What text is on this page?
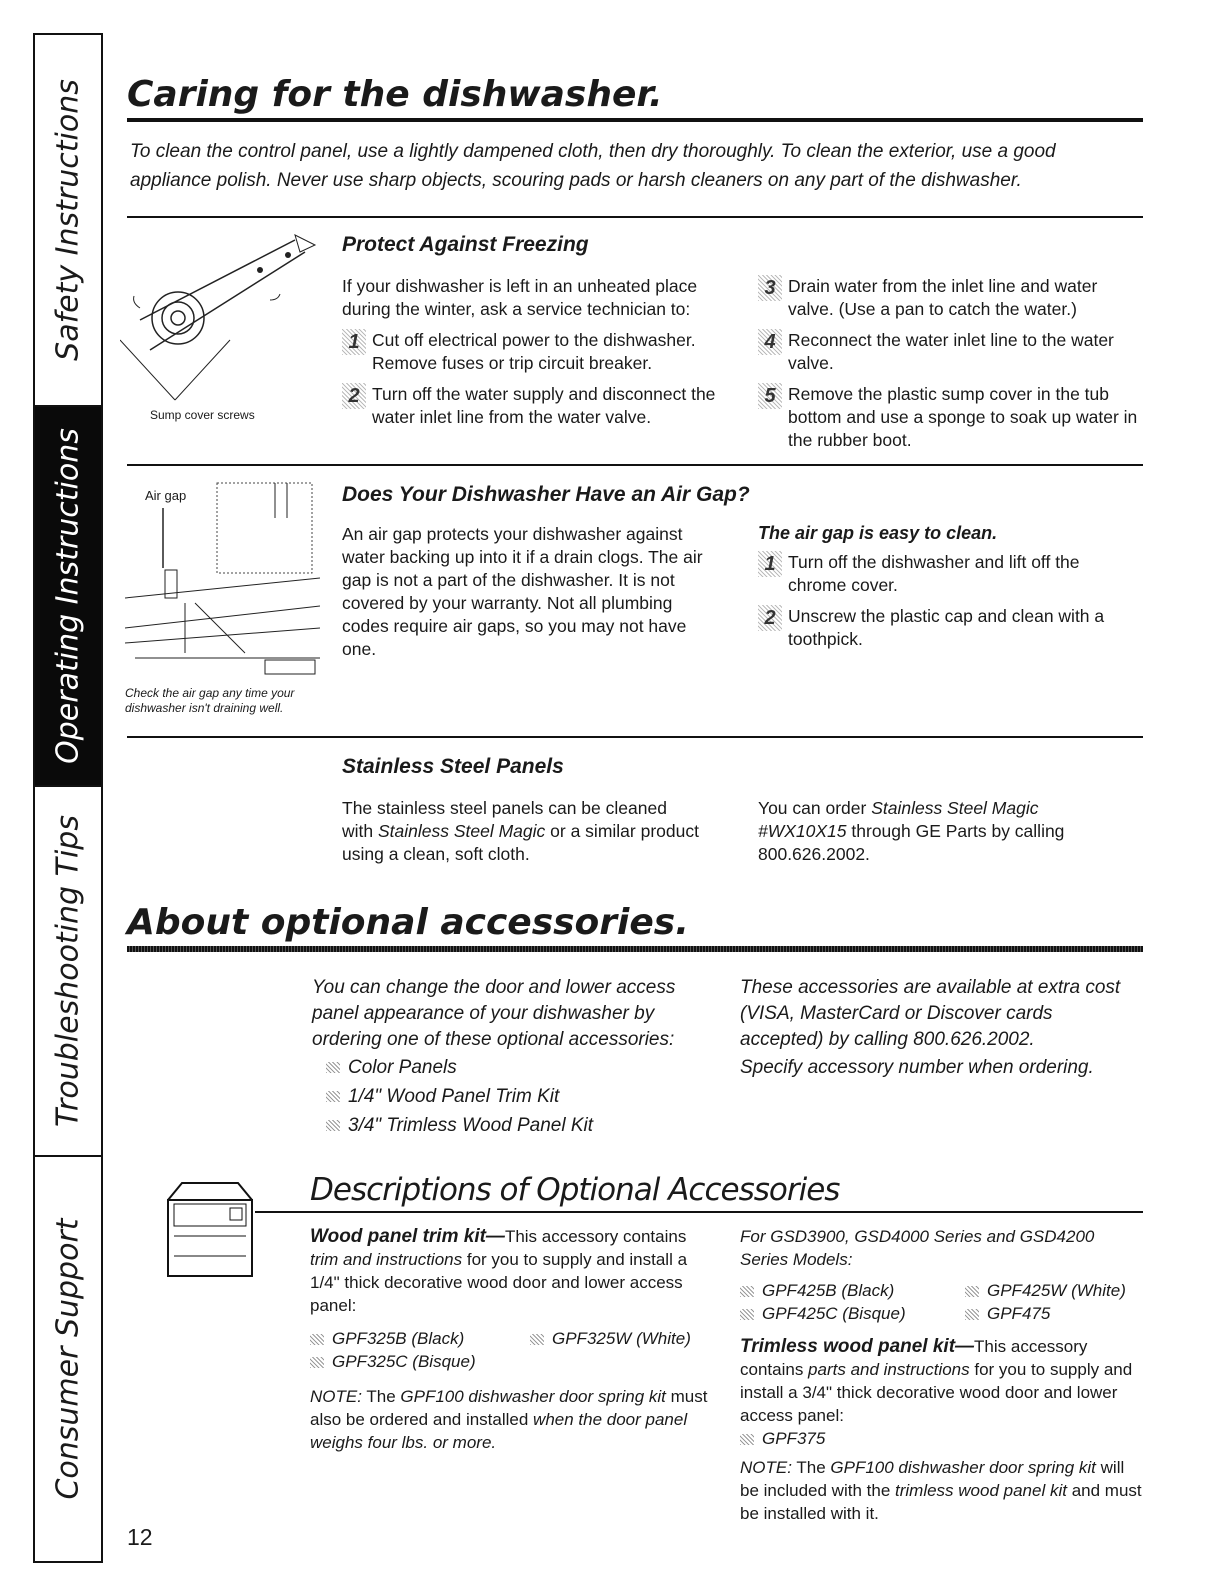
Safety Instructions
Operating Instructions
Troubleshooting Tips
Consumer Support
Caring for the dishwasher.
To clean the control panel, use a lightly dampened cloth, then dry thoroughly. To clean the exterior, use a good appliance polish. Never use sharp objects, scouring pads or harsh cleaners on any part of the dishwasher.
Sump cover screws
Protect Against Freezing
If your dishwasher is left in an unheated place during the winter, ask a service technician to:
1 Cut off electrical power to the dishwasher. Remove fuses or trip circuit breaker.
2 Turn off the water supply and disconnect the water inlet line from the water valve.
3 Drain water from the inlet line and water valve. (Use a pan to catch the water.)
4 Reconnect the water inlet line to the water valve.
5 Remove the plastic sump cover in the tub bottom and use a sponge to soak up water in the rubber boot.
Air gap
Check the air gap any time your dishwasher isn't draining well.
Does Your Dishwasher Have an Air Gap?
An air gap protects your dishwasher against water backing up into it if a drain clogs. The air gap is not a part of the dishwasher. It is not covered by your warranty. Not all plumbing codes require air gaps, so you may not have one.
The air gap is easy to clean.
1 Turn off the dishwasher and lift off the chrome cover.
2 Unscrew the plastic cap and clean with a toothpick.
Stainless Steel Panels
The stainless steel panels can be cleaned with Stainless Steel Magic or a similar product using a clean, soft cloth.
You can order Stainless Steel Magic
#WX10X15 through GE Parts by calling 800.626.2002.
About optional accessories.
You can change the door and lower access panel appearance of your dishwasher by ordering one of these optional accessories:
Color Panels
1/4" Wood Panel Trim Kit
3/4" Trimless Wood Panel Kit
These accessories are available at extra cost (VISA, MasterCard or Discover cards accepted) by calling 800.626.2002.
Specify accessory number when ordering.
Descriptions of Optional Accessories
Wood panel trim kit—This accessory contains trim and instructions for you to supply and install a 1/4" thick decorative wood door and lower access panel:
GPF325B (Black)	GPF325W (White)
GPF325C (Bisque)
NOTE: The GPF100 dishwasher door spring kit must also be ordered and installed when the door panel weighs four lbs. or more.
For GSD3900, GSD4000 Series and GSD4200 Series Models:
GPF425B (Black)	GPF425W (White)
GPF425C (Bisque)	GPF475
Trimless wood panel kit—This accessory contains parts and instructions for you to supply and install a 3/4" thick decorative wood door and lower access panel:
GPF375
NOTE: The GPF100 dishwasher door spring kit will be included with the trimless wood panel kit and must be installed with it.
12
